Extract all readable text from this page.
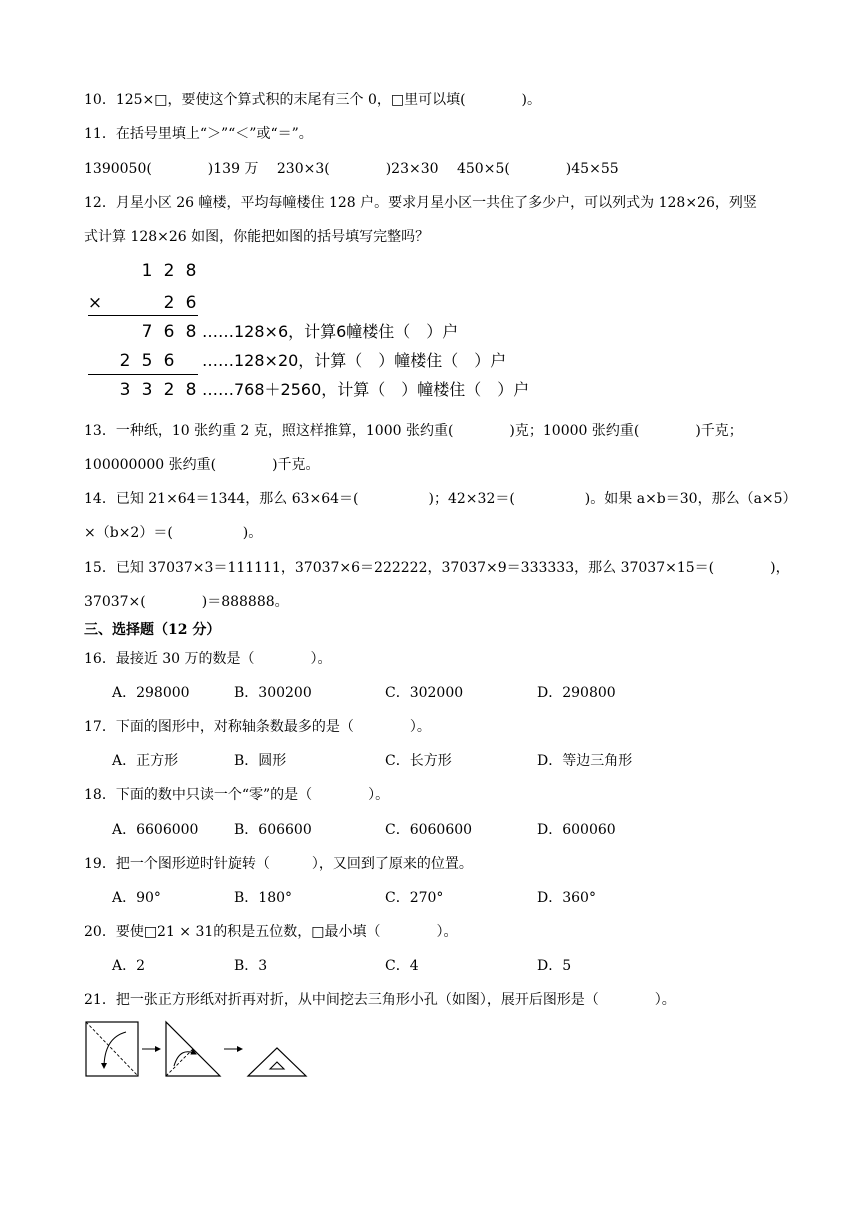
10．125×□，要使这个算式积的末尾有三个 0，□里可以填(　　　　)。
11．在括号里填上“＞”“＜”或“＝”。
1390050(　　　　)139 万　 230×3(　　　　)23×30　 450×5(　　　　)45×55
12．月星小区 26 幢楼，平均每幢楼住 128 户。要求月星小区一共住了多少户，可以列式为 128×26，列竖
式计算 128×26 如图，你能把如图的括号填写完整吗？
1 2 8
×	2 6
7 6 8 ……128×6，计算6幢楼住（　）户
2 5 6	……128×20，计算（　）幢楼住（　）户
3 3 2 8 ……768＋2560，计算（　）幢楼住（　）户
13．一种纸，10 张约重 2 克，照这样推算，1000 张约重(　　　　)克；10000 张约重(　　　　)千克；
100000000 张约重(　　　　)千克。
14．已知 21×64＝1344，那么 63×64＝(　　　　　)；42×32＝(　　　　　)。如果 a×b＝30，那么（a×5）
×（b×2）＝(　　　　　)。
15．已知 37037×3＝111111，37037×6＝222222，37037×9＝333333，那么 37037×15＝(　　　　)，
37037×(　　　　)＝888888。
三、选择题（12 分）
16．最接近 30 万的数是（　　　　）。
A．298000	B．300200	C．302000	D．290800
17．下面的图形中，对称轴条数最多的是（　　　　）。
A．正方形	B．圆形	C．长方形	D．等边三角形
18．下面的数中只读一个“零”的是（　　　　）。
A．6606000	B．606600	C．6060600	D．600060
19．把一个图形逆时针旋转（　　　），又回到了原来的位置。
A．90°	B．180°	C．270°	D．360°
20．要使□21 × 31的积是五位数，□最小填（　　　　）。
A．2	B．3	C．4	D．5
21．把一张正方形纸对折再对折，从中间挖去三角形小孔（如图），展开后图形是（　　　　）。
